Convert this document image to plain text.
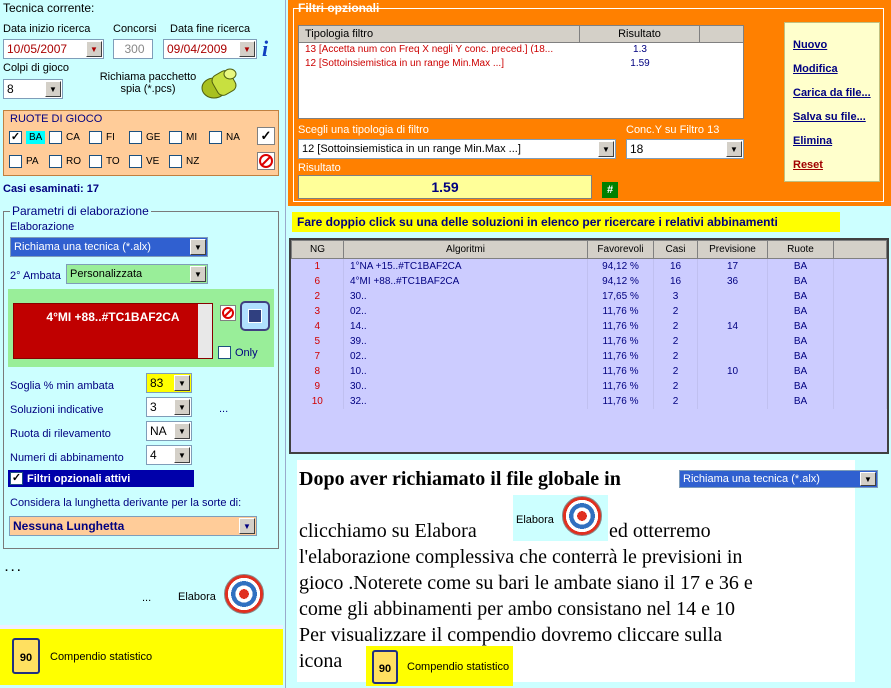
Tecnica corrente:
Data inizio ricerca Concorsi Data fine ricerca
10/05/2007	▼	300 09/04/2009	▼ i
Colpi di gioco
8	▼
Richiama pacchetto spia (*.pcs)
RUOTE DI GIOCO
✓ BA	CA	FI	GE	MI	NA
PA	RO	TO	VE	NZ
✓
Casi esaminati: 17
Parametri di elaborazione
Elaborazione
Richiama una tecnica (*.alx)	▼
2° Ambata Personalizzata	▼
4°MI +88..#TC1BAF2CA
Only
Soglia % min ambata	83	▼
Soluzioni indicative	3	▼	...
Ruota di rilevamento	NA	▼
Numeri di abbinamento 4	▼
✓ Filtri opzionali attivi
Considera la lunghetta derivante per la sorte di:
Nessuna Lunghetta	▼
. . .
... Elabora
90	Compendio statistico
Filtri opzionali
Tipologia filtro	Risultato
13 [Accetta num con Freq X negli Y conc. preced.] (18...	1.3
12 [Sottoinsiemistica in un range Min.Max ...]	1.59
Scegli una tipologia di filtro
12 [Sottoinsiemistica in un range Min.Max ...]	▼
Conc.Y su Filtro 13
18	▼
Risultato
1.59	#
Nuovo
Modifica
Carica da file...
Salva su file...
Elimina
Reset
Fare doppio click su una delle soluzioni in elenco per ricercare i relativi abbinamenti
NG	Algoritmi	Favorevoli	Casi	Previsione	Ruote	
1	1°NA +15..#TC1BAF2CA	94,12 %	16	17	BA	
6	4°MI +88..#TC1BAF2CA	94,12 %	16	36	BA	
2	30..	17,65 %	3		BA	
3	02..	11,76 %	2		BA	
4	14..	11,76 %	2	14	BA	
5	39..	11,76 %	2		BA	
7	02..	11,76 %	2		BA	
8	10..	11,76 %	2	10	BA	
9	30..	11,76 %	2		BA	
10	32..	11,76 %	2		BA	
Dopo aver richiamato il file globale in	Richiama una tecnica (*.alx)	▼
Elabora
clicchiamo su Elabora	ed otterremo
l'elaborazione complessiva che conterrà le previsioni in
gioco .Noterete come su bari le ambate siano il 17 e 36 e
come gli abbinamenti per ambo consistano nel 14 e 10
Per visualizzare il compendio dovremo cliccare sulla
icona	90	Compendio statistico
